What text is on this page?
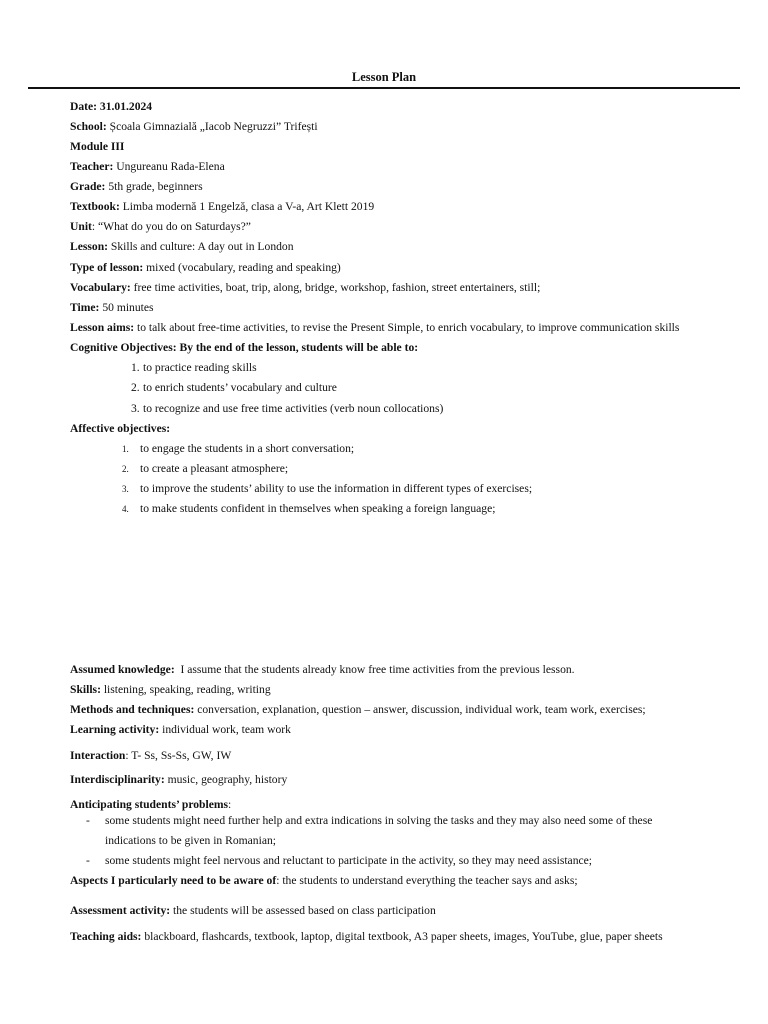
Lesson Plan
Date: 31.01.2024
School: Școala Gimnazială „Iacob Negruzzi” Trifești
Module III
Teacher: Ungureanu Rada-Elena
Grade: 5th grade, beginners
Textbook: Limba modernă 1 Engelză, clasa a V-a, Art Klett 2019
Unit: “What do you do on Saturdays?”
Lesson: Skills and culture: A day out in London
Type of lesson: mixed (vocabulary, reading and speaking)
Vocabulary: free time activities, boat, trip, along, bridge, workshop, fashion, street entertainers, still;
Time: 50 minutes
Lesson aims: to talk about free-time activities, to revise the Present Simple, to enrich vocabulary, to improve communication skills
Cognitive Objectives: By the end of the lesson, students will be able to:
1. to practice reading skills
2. to enrich students’ vocabulary and culture
3. to recognize and use free time activities (verb noun collocations)
Affective objectives:
1. to engage the students in a short conversation;
2. to create a pleasant atmosphere;
3. to improve the students’ ability to use the information in different types of exercises;
4. to make students confident in themselves when speaking a foreign language;
Assumed knowledge:  I assume that the students already know free time activities from the previous lesson.
Skills: listening, speaking, reading, writing
Methods and techniques: conversation, explanation, question – answer, discussion, individual work, team work, exercises;
Learning activity: individual work, team work
Interaction: T- Ss, Ss-Ss, GW, IW
Interdisciplinarity: music, geography, history
Anticipating students’ problems:
- some students might need further help and extra indications in solving the tasks and they may also need some of these
indications to be given in Romanian;
- some students might feel nervous and reluctant to participate in the activity, so they may need assistance;
Aspects I particularly need to be aware of: the students to understand everything the teacher says and asks;
Assessment activity: the students will be assessed based on class participation
Teaching aids: blackboard, flashcards, textbook, laptop, digital textbook, A3 paper sheets, images, YouTube, glue, paper sheets
